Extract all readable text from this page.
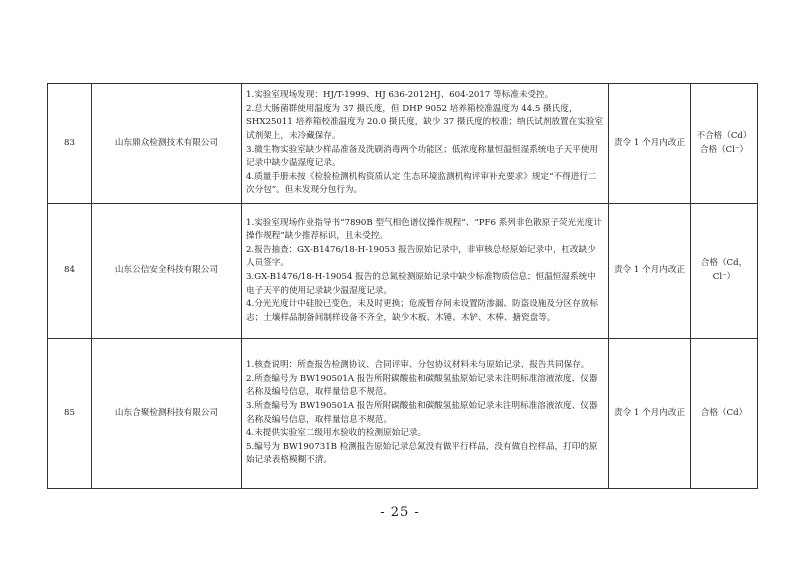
83	山东鼎众检测技术有限公司	1.实验室现场发现：HJ/T-1999、HJ 636-2012HJ、604-2017 等标准未受控。
2.总大肠菌群使用温度为 37 摄氏度，但 DHP 9052 培养箱校准温度为 44.5 摄氏度，SHX25011 培养箱校准温度为 20.0 摄氏度，缺少 37 摄氏度的校准；纳氏试剂放置在实验室试剂架上，未冷藏保存。
3.微生物实验室缺少样品准备及洗刷消毒两个功能区；低浓度称量恒温恒湿系统电子天平使用记录中缺少温湿度记录。
4.质量手册未按《检验检测机构资质认定 生态环境监测机构评审补充要求》规定“不得进行二次分包”。但未发现分包行为。	责令 1 个月内改正	不合格（Cd）合格（Cl⁻）
84	山东公信安全科技有限公司	1.实验室现场作业指导书“7890B 型气相色谱仪操作规程”、“PF6 系列非色散原子荧光光度计操作规程”缺少推荐标识，且未受控。
2.报告抽查：GX-B1476/18-H-19053 报告原始记录中，非审核总烃原始记录中，杠改缺少人员签字。
3.GX-B1476/18-H-19054 报告的总氮检测原始记录中缺少标准物质信息；恒温恒湿系统中电子天平的使用记录缺少温湿度记录。
4.分光光度计中硅胶已变色，未及时更换；危废暂存间未设置防渗漏、防盗设施及分区存放标志；土壤样品制备间制样设备不齐全，缺少木板、木锤、木铲、木棒、搪瓷盘等。	责令 1 个月内改正	合格（Cd，Cl⁻）
85	山东合聚检测科技有限公司	1.核查说明：所查报告检测协议、合同评审、分包协议材料未与原始记录、报告共同保存。
2.所查编号为 BW190501A 报告所附碳酸盐和碳酸氢盐原始记录未注明标准溶液浓度、仪器名称及编号信息，取样量信息不规范。
3.所查编号为 BW190501A 报告所附碳酸盐和碳酸氢盐原始记录未注明标准溶液浓度、仪器名称及编号信息，取样量信息不规范。
4.未提供实验室二级用水验收的检测原始记录。
5.编号为 BW190731B 检测报告原始记录总氮没有做平行样品，没有做自控样品，打印的原始记录表格模糊不清。	责令 1 个月内改正	合格（Cd）
- 25 -
